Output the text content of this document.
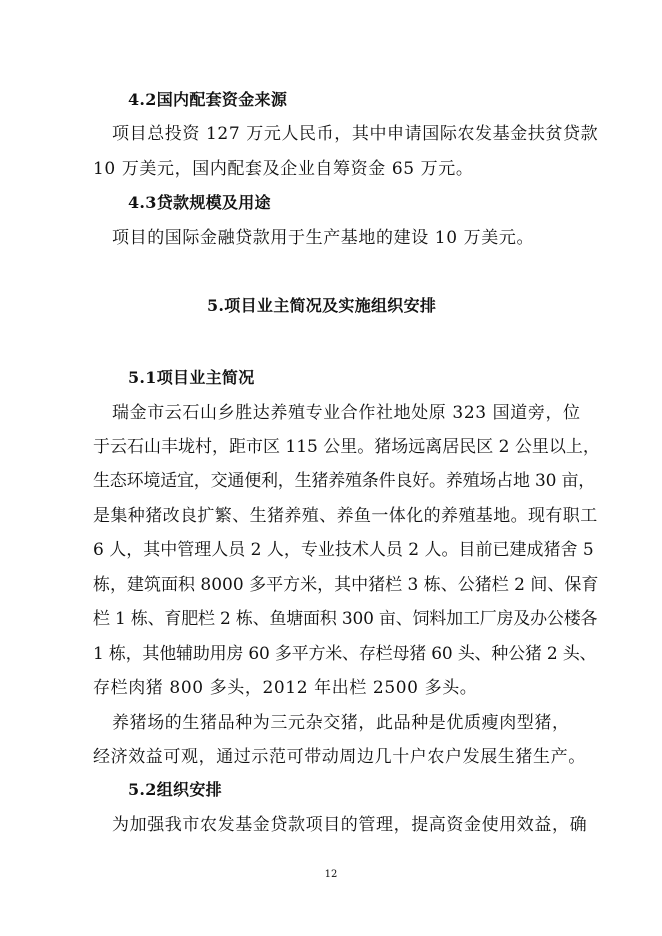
4.2国内配套资金来源
项目总投资 127 万元人民币，其中申请国际农发基金扶贫贷款
10 万美元，国内配套及企业自筹资金 65 万元。
4.3贷款规模及用途
项目的国际金融贷款用于生产基地的建设 10 万美元。
5.项目业主简况及实施组织安排
5.1项目业主简况
瑞金市云石山乡胜达养殖专业合作社地处原 323 国道旁，位
于云石山丰垅村，距市区 115 公里。猪场远离居民区 2 公里以上，
生态环境适宜，交通便利，生猪养殖条件良好。养殖场占地 30 亩，
是集种猪改良扩繁、生猪养殖、养鱼一体化的养殖基地。现有职工
6 人，其中管理人员 2 人，专业技术人员 2 人。目前已建成猪舍 5
栋，建筑面积 8000 多平方米，其中猪栏 3 栋、公猪栏 2 间、保育
栏 1 栋、育肥栏 2 栋、鱼塘面积 300 亩、饲料加工厂房及办公楼各
1 栋，其他辅助用房 60 多平方米、存栏母猪 60 头、种公猪 2 头、
存栏肉猪 800 多头，2012 年出栏 2500 多头。
养猪场的生猪品种为三元杂交猪，此品种是优质瘦肉型猪，
经济效益可观，通过示范可带动周边几十户农户发展生猪生产。
5.2组织安排
为加强我市农发基金贷款项目的管理，提高资金使用效益，确
12
